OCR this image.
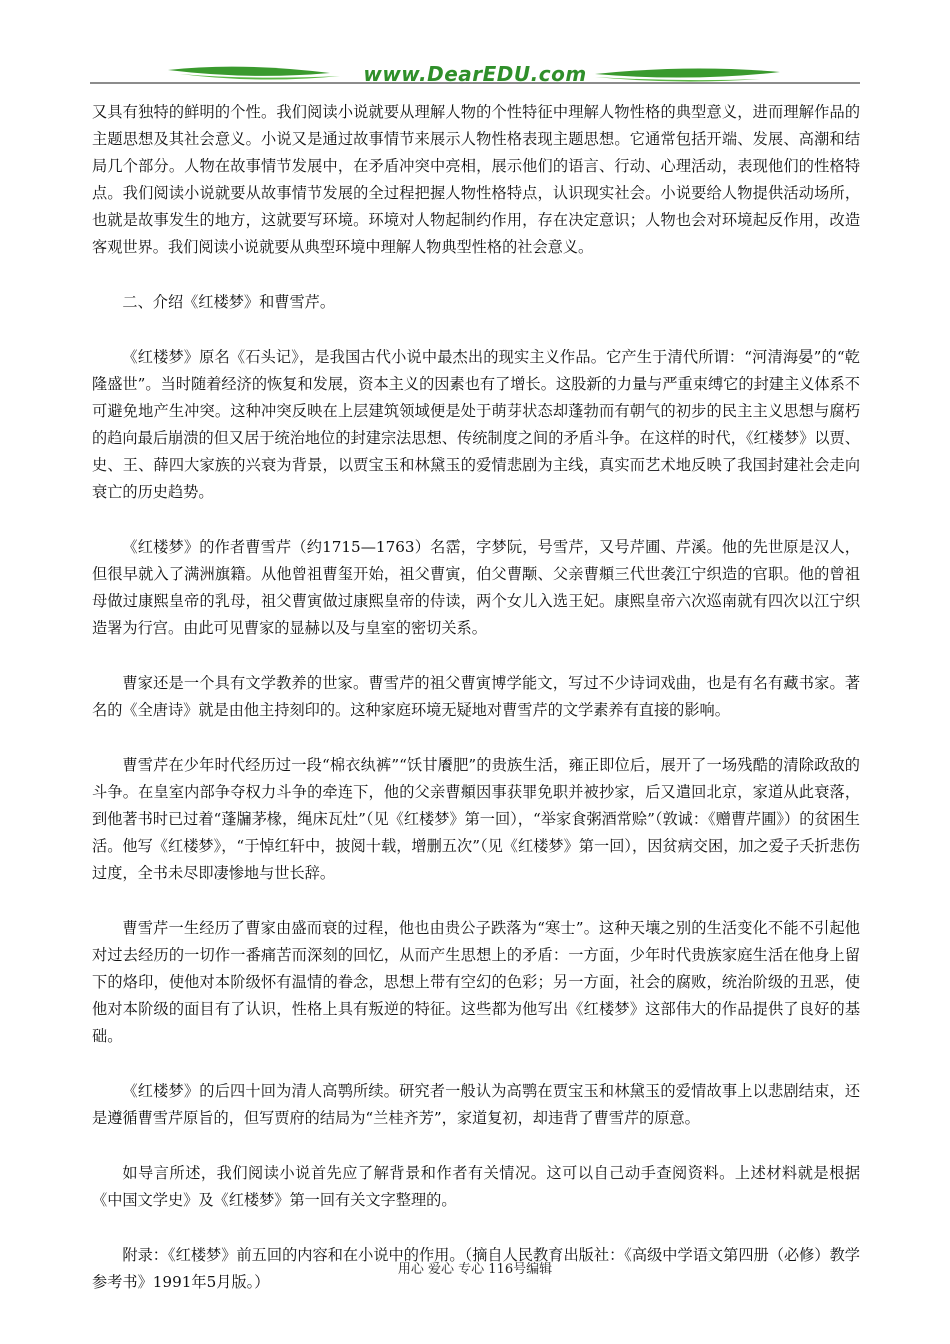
www.DearEDU.com

又具有独特的鲜明的个性。我们阅读小说就要从理解人物的个性特征中理解人物性格的典型意义，进而理解作品的主题思想及其社会意义。小说又是通过故事情节来展示人物性格表现主题思想。它通常包括开端、发展、高潮和结局几个部分。人物在故事情节发展中，在矛盾冲突中亮相，展示他们的语言、行动、心理活动，表现他们的性格特点。我们阅读小说就要从故事情节发展的全过程把握人物性格特点，认识现实社会。小说要给人物提供活动场所，也就是故事发生的地方，这就要写环境。环境对人物起制约作用，存在决定意识；人物也会对环境起反作用，改造客观世界。我们阅读小说就要从典型环境中理解人物典型性格的社会意义。

二、介绍《红楼梦》和曹雪芹。

《红楼梦》原名《石头记》，是我国古代小说中最杰出的现实主义作品。它产生于清代所谓：“河清海晏”的“乾隆盛世”。当时随着经济的恢复和发展，资本主义的因素也有了增长。这股新的力量与严重束缚它的封建主义体系不可避免地产生冲突。这种冲突反映在上层建筑领域便是处于萌芽状态却蓬勃而有朝气的初步的民主主义思想与腐朽的趋向最后崩溃的但又居于统治地位的封建宗法思想、传统制度之间的矛盾斗争。在这样的时代，《红楼梦》以贾、史、王、薛四大家族的兴衰为背景，以贾宝玉和林黛玉的爱情悲剧为主线，真实而艺术地反映了我国封建社会走向衰亡的历史趋势。

《红楼梦》的作者曹雪芹（约1715—1763）名霑，字梦阮，号雪芹，又号芹圃、芹溪。他的先世原是汉人，但很早就入了满洲旗籍。从他曾祖曹玺开始，祖父曹寅，伯父曹颙、父亲曹頫三代世袭江宁织造的官职。他的曾祖母做过康熙皇帝的乳母，祖父曹寅做过康熙皇帝的侍读，两个女儿入选王妃。康熙皇帝六次巡南就有四次以江宁织造署为行宫。由此可见曹家的显赫以及与皇室的密切关系。

曹家还是一个具有文学教养的世家。曹雪芹的祖父曹寅博学能文，写过不少诗词戏曲，也是有名有藏书家。著名的《全唐诗》就是由他主持刻印的。这种家庭环境无疑地对曹雪芹的文学素养有直接的影响。

曹雪芹在少年时代经历过一段“棉衣纨裤”“饫甘餍肥”的贵族生活，雍正即位后，展开了一场残酷的清除政敌的斗争。在皇室内部争夺权力斗争的牵连下，他的父亲曹頫因事获罪免职并被抄家，后又遣回北京，家道从此衰落，到他著书时已过着“蓬牖茅椽，绳床瓦灶”（见《红楼梦》第一回），“举家食粥酒常赊”（敦诚：《赠曹芹圃》）的贫困生活。他写《红楼梦》，“于悼红轩中，披阅十载，增删五次”（见《红楼梦》第一回），因贫病交困，加之爱子夭折悲伤过度，全书未尽即凄惨地与世长辞。

曹雪芹一生经历了曹家由盛而衰的过程，他也由贵公子跌落为“寒士”。这种天壤之别的生活变化不能不引起他对过去经历的一切作一番痛苦而深刻的回忆，从而产生思想上的矛盾：一方面，少年时代贵族家庭生活在他身上留下的烙印，使他对本阶级怀有温情的眷念，思想上带有空幻的色彩；另一方面，社会的腐败，统治阶级的丑恶，使他对本阶级的面目有了认识，性格上具有叛逆的特征。这些都为他写出《红楼梦》这部伟大的作品提供了良好的基础。

《红楼梦》的后四十回为清人高鹗所续。研究者一般认为高鹗在贾宝玉和林黛玉的爱情故事上以悲剧结束，还是遵循曹雪芹原旨的，但写贾府的结局为“兰桂齐芳”，家道复初，却违背了曹雪芹的原意。

如导言所述，我们阅读小说首先应了解背景和作者有关情况。这可以自己动手查阅资料。上述材料就是根据《中国文学史》及《红楼梦》第一回有关文字整理的。

附录：《红楼梦》前五回的内容和在小说中的作用。（摘自人民教育出版社：《高级中学语文第四册（必修）教学参考书》1991年5月版。）

用心 爱心 专心 116号编辑
